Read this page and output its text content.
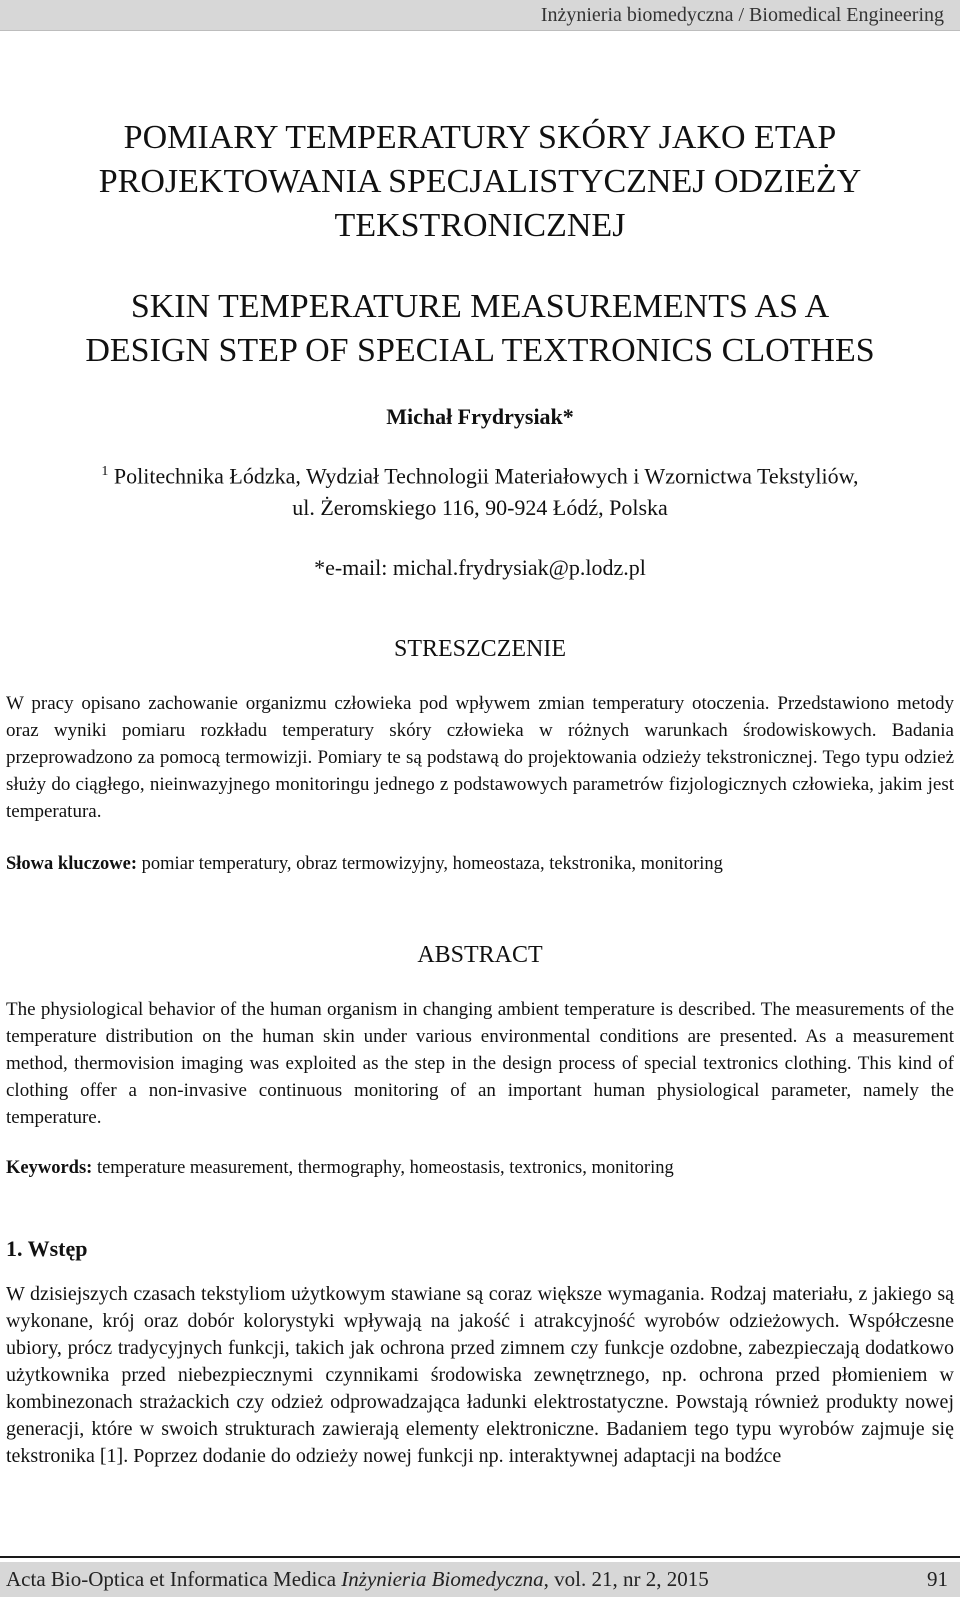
Inżynieria biomedyczna / Biomedical Engineering
POMIARY TEMPERATURY SKÓRY JAKO ETAP
PROJEKTOWANIA SPECJALISTYCZNEJ ODZIEŻY
TEKSTRONICZNEJ
SKIN TEMPERATURE MEASUREMENTS AS A
DESIGN STEP OF SPECIAL TEXTRONICS CLOTHES
Michał Frydrysiak*
$^1$ Politechnika Łódzka, Wydział Technologii Materiałowych i Wzornictwa Tekstyliów,
ul. Żeromskiego 116, 90-924 Łódź, Polska
*e-mail: michal.frydrysiak@p.lodz.pl
STRESZCZENIE

W pracy opisano zachowanie organizmu człowieka pod wpływem zmian temperatury otoczenia. Przedstawiono metody oraz wyniki pomiaru rozkładu temperatury skóry człowieka w różnych warunkach środowiskowych. Badania przeprowadzono za pomocą termowizji. Pomiary te są podstawą do projektowania odzieży tekstronicznej. Tego typu odzież służy do ciągłego, nieinwazyjnego monitoringu jednego z podstawowych parametrów fizjologicznych człowieka, jakim jest temperatura.

Słowa kluczowe: pomiar temperatury, obraz termowizyjny, homeostaza, tekstronika, monitoring
ABSTRACT

The physiological behavior of the human organism in changing ambient temperature is described. The measurements of the temperature distribution on the human skin under various environmental conditions are presented. As a measurement method, thermovision imaging was exploited as the step in the design process of special textronics clothing. This kind of clothing offer a non-invasive continuous monitoring of an important human physiological parameter, namely the temperature.

Keywords: temperature measurement, thermography, homeostasis, textronics, monitoring
1. Wstęp

W dzisiejszych czasach tekstyliom użytkowym stawiane są coraz większe wymagania. Rodzaj materiału, z jakiego są wykonane, krój oraz dobór kolorystyki wpływają na jakość i atrakcyjność wyrobów odzieżowych. Współczesne ubiory, prócz tradycyjnych funkcji, takich jak ochrona przed zimnem czy funkcje ozdobne, zabezpieczają dodatkowo użytkownika przed niebezpiecznymi czynnikami środowiska zewnętrznego, np. ochrona przed płomieniem w kombinezonach strażackich czy odzież odprowadzająca ładunki elektrostatyczne. Powstają również produkty nowej generacji, które w swoich strukturach zawierają elementy elektroniczne. Badaniem tego typu wyrobów zajmuje się tekstronika [1]. Poprzez dodanie do odzieży nowej funkcji np. interaktywnej adaptacji na bodźce

Acta Bio-Optica et Informatica Medica Inżynieria Biomedyczna, vol. 21, nr 2, 2015	91
